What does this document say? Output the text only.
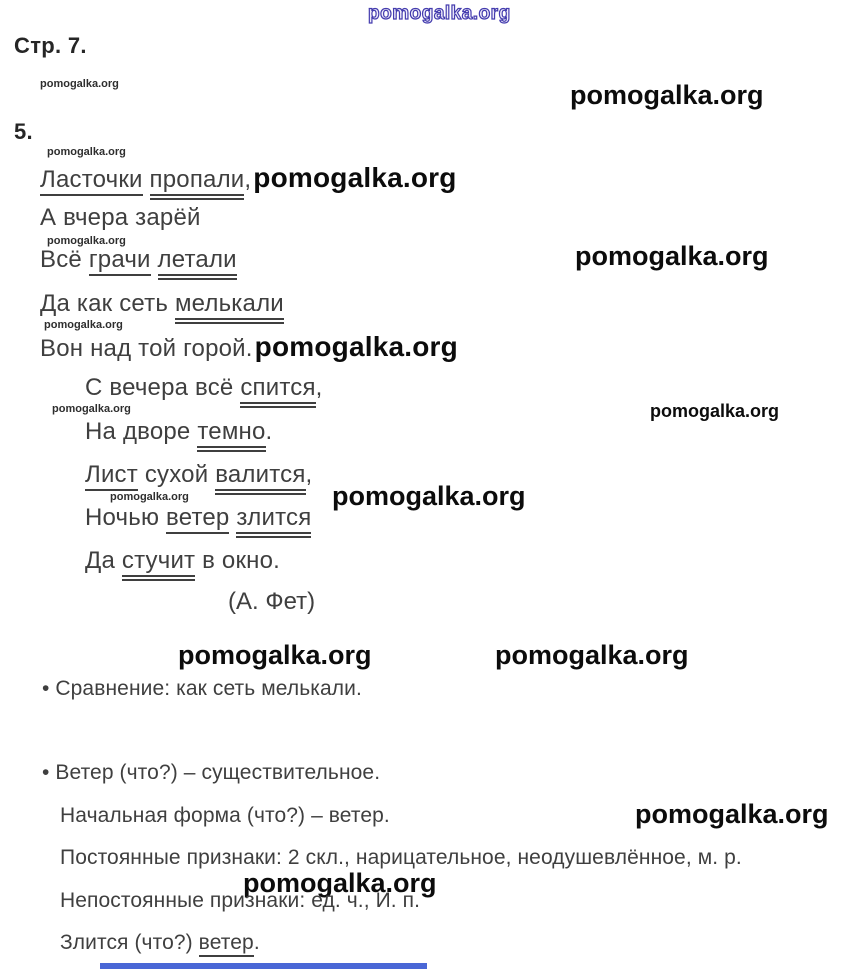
pomogalka.org
Стр. 7.
5.
pomogalka.org	pomogalka.org
pomogalka.org
pomogalka.org	pomogalka.org
pomogalka.org
pomogalka.org	pomogalka.org
pomogalka.org	pomogalka.org
pomogalka.org	pomogalka.org
pomogalka.org
pomogalka.org
Ласточки пропали,pomogalka.org
А вчера зарёй
Всё грачи летали
Да как сеть мелькали
Вон над той горой.pomogalka.org
С вечера всё спится,
На дворе темно.
Лист сухой валится,
Ночью ветер злится
Да стучит в окно.
(А. Фет)
• Сравнение: как сеть мелькали.
• Ветер (что?) – существительное.
Начальная форма (что?) – ветер.
Постоянные признаки: 2 скл., нарицательное, неодушевлённое, м. р.
Непостоянные признаки: ед. ч., И. п.
Злится (что?) ветер.
